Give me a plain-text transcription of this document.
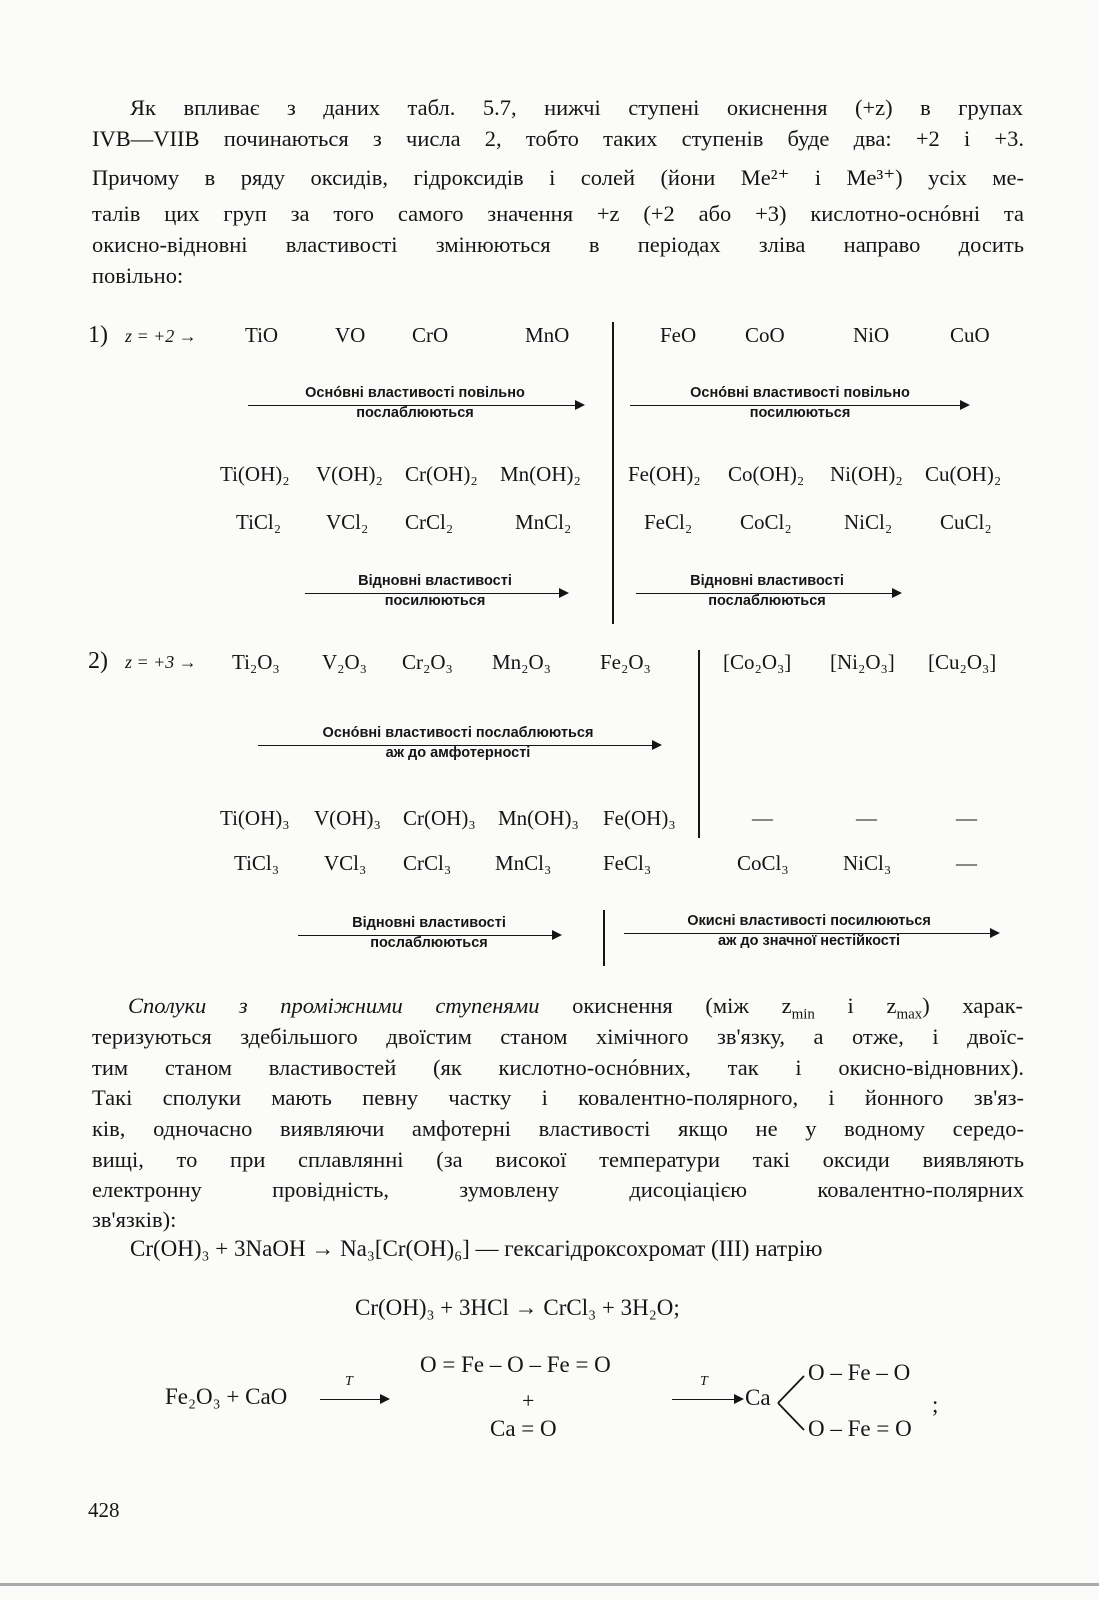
Як впливає з даних табл. 5.7, нижчі ступені окиснення (+z) в групах
IVB—VIIB починаються з числа 2, тобто таких ступенів буде два: +2 і +3.
Причому в ряду оксидів, гідроксидів і солей (йони Me²⁺ і Me³⁺) усіх ме-
талів цих груп за того самого значення +z (+2 або +3) кислотно-оснóвні та
окисно-відновні властивості змінюються в періодах зліва направо досить
повільно:
1) z = +2 → TiO	VO CrO	MnO	FeO CoO	NiO	CuO
Оснóвні властивості повільно
послаблюються
Оснóвні властивості повільно
посилюються
Ti(OH)₂ V(OH)₂ Cr(OH)₂ Mn(OH)₂ Fe(OH)₂ Co(OH)₂ Ni(OH)₂ Cu(OH)₂
TiCl₂ VCl₂ CrCl₂	MnCl₂	FeCl₂ CoCl₂ NiCl₂ CuCl₂
Відновні властивості
посилюються
Відновні властивості
послаблюються
2) z = +3 → Ti₂O₃ V₂O₃ Cr₂O₃ Mn₂O₃ Fe₂O₃	[Co₂O₃] [Ni₂O₃] [Cu₂O₃]
Оснóвні властивості послаблюються
аж до амфотерності
Ti(OH)₃ V(OH)₃ Cr(OH)₃ Mn(OH)₃ Fe(OH)₃	—	—	—
TiCl₃ VCl₃ CrCl₃ MnCl₃ FeCl₃	CoCl₃	NiCl₃	—
Відновні властивості
послаблюються
Окисні властивості посилюються
аж до значної нестійкості
Сполуки з проміжними ступенями окиснення (між $z_{min}$ і $z_{max}$) харак-
теризуються здебільшого двоїстим станом хімічного зв'язку, а отже, і двоїс-
тим станом властивостей (як кислотно-оснóвних, так і окисно-відновних).
Такі сполуки мають певну частку і ковалентно-полярного, і йонного зв'яз-
ків, одночасно виявляючи амфотерні властивості якщо не у водному середо-
вищі, то при сплавлянні (за високої температури такі оксиди виявляють
електронну провідність, зумовлену дисоціацією ковалентно-полярних
зв'язків):
Cr(OH)₃ + 3NaOH → Na₃[Cr(OH)₆] — гексагідроксохромат (III) натрію
Cr(OH)₃ + 3HCl → CrCl₃ + 3H₂O;
Fe₂O₃ + CaO
T
O = Fe – O – Fe = O
+
Ca = O
T
Ca
O – Fe – O
O – Fe = O
;
428
